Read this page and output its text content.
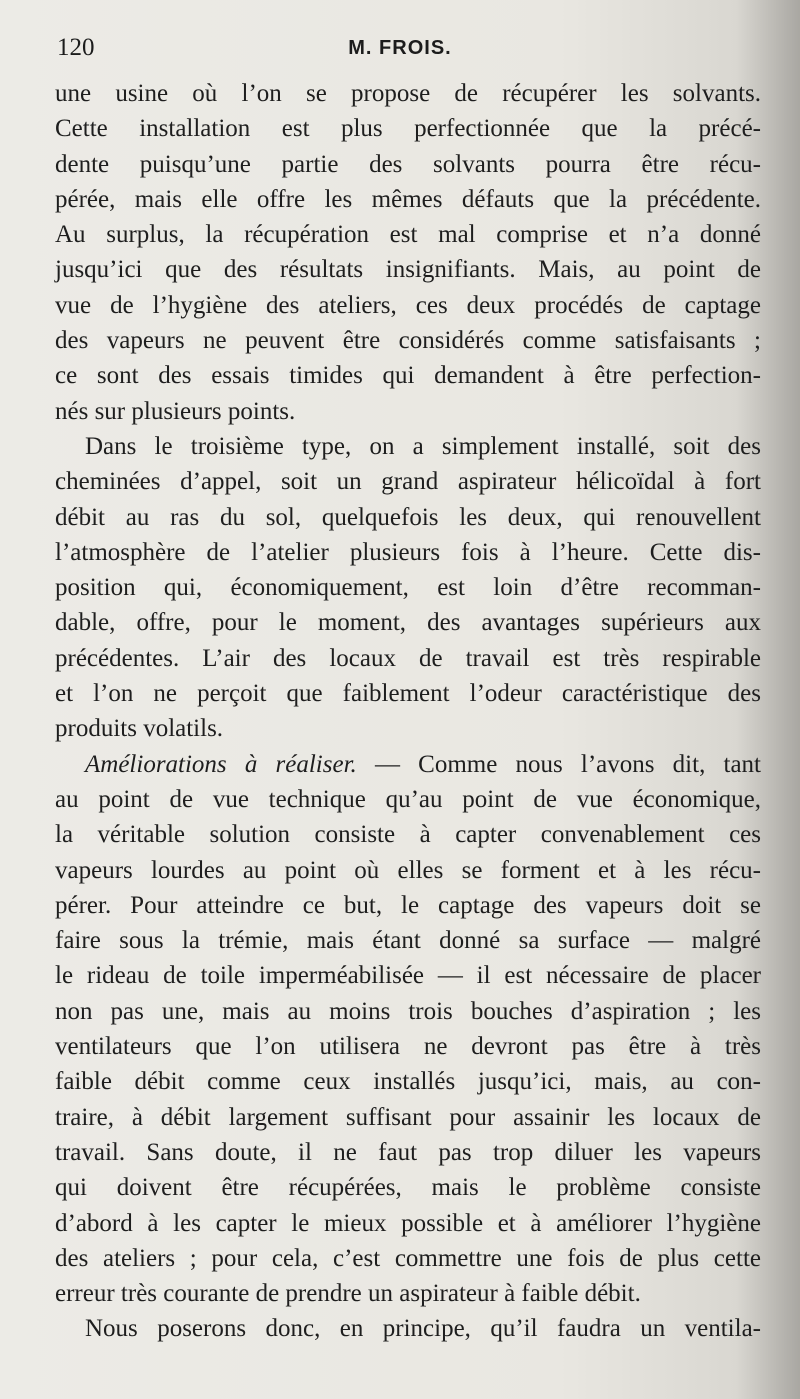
120	M. FROIS.
une usine où l’on se propose de récupérer les solvants.
Cette installation est plus perfectionnée que la précé-
dente puisqu’une partie des solvants pourra être récu-
pérée, mais elle offre les mêmes défauts que la précédente.
Au surplus, la récupération est mal comprise et n’a donné
jusqu’ici que des résultats insignifiants. Mais, au point de
vue de l’hygiène des ateliers, ces deux procédés de captage
des vapeurs ne peuvent être considérés comme satisfaisants ;
ce sont des essais timides qui demandent à être perfection-
nés sur plusieurs points.
Dans le troisième type, on a simplement installé, soit des
cheminées d’appel, soit un grand aspirateur hélicoïdal à fort
débit au ras du sol, quelquefois les deux, qui renouvellent
l’atmosphère de l’atelier plusieurs fois à l’heure. Cette dis-
position qui, économiquement, est loin d’être recomman-
dable, offre, pour le moment, des avantages supérieurs aux
précédentes. L’air des locaux de travail est très respirable
et l’on ne perçoit que faiblement l’odeur caractéristique des
produits volatils.
Améliorations à réaliser. — Comme nous l’avons dit, tant
au point de vue technique qu’au point de vue économique,
la véritable solution consiste à capter convenablement ces
vapeurs lourdes au point où elles se forment et à les récu-
pérer. Pour atteindre ce but, le captage des vapeurs doit se
faire sous la trémie, mais étant donné sa surface — malgré
le rideau de toile imperméabilisée — il est nécessaire de placer
non pas une, mais au moins trois bouches d’aspiration ; les
ventilateurs que l’on utilisera ne devront pas être à très
faible débit comme ceux installés jusqu’ici, mais, au con-
traire, à débit largement suffisant pour assainir les locaux de
travail. Sans doute, il ne faut pas trop diluer les vapeurs
qui doivent être récupérées, mais le problème consiste
d’abord à les capter le mieux possible et à améliorer l’hygiène
des ateliers ; pour cela, c’est commettre une fois de plus cette
erreur très courante de prendre un aspirateur à faible débit.
Nous poserons donc, en principe, qu’il faudra un ventila-
